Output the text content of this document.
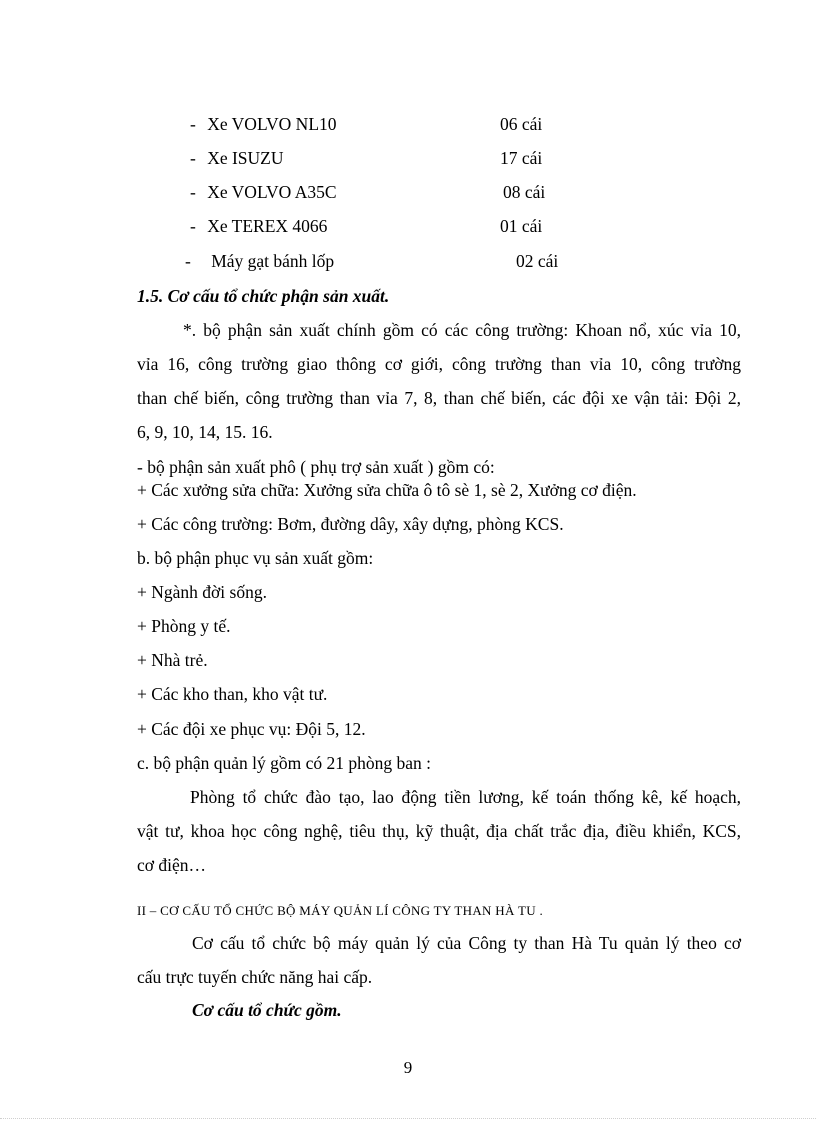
- Xe VOLVO NL10	06 cái
- Xe ISUZU	17 cái
- Xe VOLVO A35C	08 cái
- Xe TEREX 4066	01 cái
- Máy gạt bánh lốp	02 cái
1.5. Cơ cấu tổ chức phận sản xuất.
*. bộ phận sản xuất chính gồm có các công trường: Khoan nổ, xúc vỉa 10,
vỉa 16, công trường giao thông cơ giới, công trường than vỉa 10, công trường
than chế biến, công trường than vỉa 7, 8, than chế biến, các đội xe vận tải: Đội 2,
6, 9, 10, 14, 15. 16.
- bộ phận sản xuất phô ( phụ trợ sản xuất ) gồm có:
+ Các xưởng sửa chữa: Xưởng sửa chữa ô tô sè 1, sè 2, Xưởng cơ điện.
+ Các công trường: Bơm, đường dây, xây dựng, phòng KCS.
b. bộ phận phục vụ sản xuất gồm:
+ Ngành đời sống.
+ Phòng y tế.
+ Nhà trẻ.
+ Các kho than, kho vật tư.
+ Các đội xe phục vụ: Đội 5, 12.
c. bộ phận quản lý gồm có 21 phòng ban :
Phòng tổ chức đào tạo, lao động tiền lương, kế toán thống kê, kế hoạch,
vật tư, khoa học công nghệ, tiêu thụ, kỹ thuật, địa chất trắc địa, điều khiển, KCS,
cơ điện…
II – CƠ CẤU TỔ CHỨC BỘ MÁY QUẢN LÍ CÔNG TY THAN HÀ TU .
Cơ cấu tổ chức bộ máy quản lý của Công ty than Hà Tu quản lý theo cơ
cấu trực tuyến chức năng hai cấp.
Cơ cấu tổ chức gồm.
9
